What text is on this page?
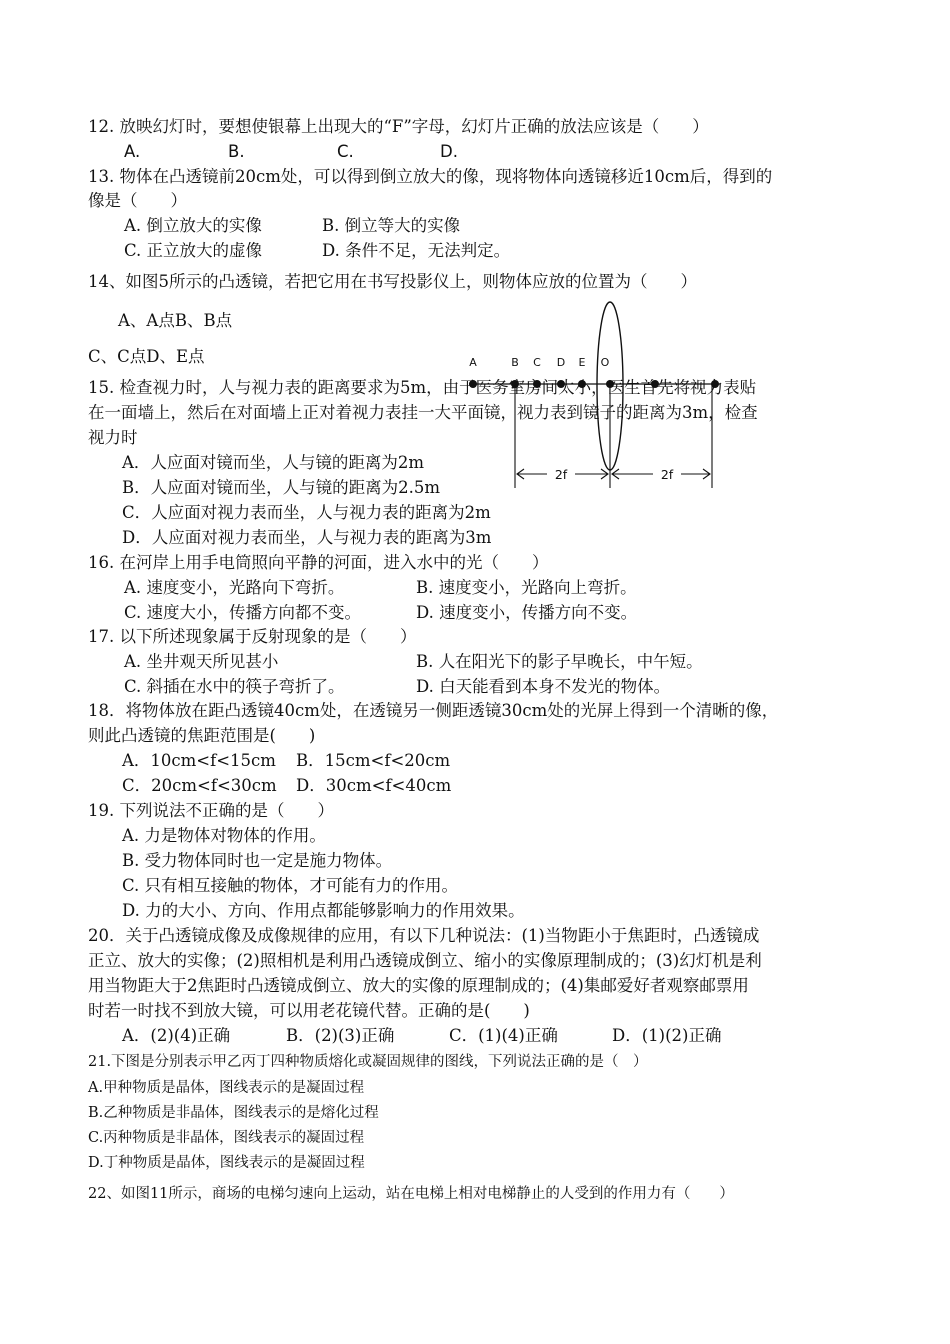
12. 放映幻灯时，要想使银幕上出现大的“F”字母，幻灯片正确的放法应该是（　　）
A.	B.	C.	D.
13. 物体在凸透镜前20cm处，可以得到倒立放大的像，现将物体向透镜移近10cm后，得到的
像是（　　）
A. 倒立放大的实像	B. 倒立等大的实像
C. 正立放大的虚像	D. 条件不足，无法判定。
14、如图5所示的凸透镜，若把它用在书写投影仪上，则物体应放的位置为（　　）
A、A点B、B点
C、C点D、E点	A	B C D E O
2f	2f
15. 检查视力时，人与视力表的距离要求为5m，由于医务室房间太小，医生首先将视力表贴
在一面墙上，然后在对面墙上正对着视力表挂一大平面镜，视力表到镜子的距离为3m，检查
视力时
A．人应面对镜而坐，人与镜的距离为2m
B．人应面对镜而坐，人与镜的距离为2.5m
C．人应面对视力表而坐，人与视力表的距离为2m
D．人应面对视力表而坐，人与视力表的距离为3m
16. 在河岸上用手电筒照向平静的河面，进入水中的光（　　）
A. 速度变小，光路向下弯折。	B. 速度变小，光路向上弯折。
C. 速度大小，传播方向都不变。	D. 速度变小，传播方向不变。
17. 以下所述现象属于反射现象的是（　　）
A. 坐井观天所见甚小	B. 人在阳光下的影子早晚长，中午短。
C. 斜插在水中的筷子弯折了。	D. 白天能看到本身不发光的物体。
18．将物体放在距凸透镜40cm处，在透镜另一侧距透镜30cm处的光屏上得到一个清晰的像，
则此凸透镜的焦距范围是(　　)
A．10cm<f<15cm B．15cm<f<20cm
C．20cm<f<30cm D．30cm<f<40cm
19. 下列说法不正确的是（　　）
A. 力是物体对物体的作用。
B. 受力物体同时也一定是施力物体。
C. 只有相互接触的物体，才可能有力的作用。
D. 力的大小、方向、作用点都能够影响力的作用效果。
20．关于凸透镜成像及成像规律的应用，有以下几种说法：(1)当物距小于焦距时，凸透镜成
正立、放大的实像；(2)照相机是利用凸透镜成倒立、缩小的实像原理制成的；(3)幻灯机是利
用当物距大于2焦距时凸透镜成倒立、放大的实像的原理制成的；(4)集邮爱好者观察邮票用
时若一时找不到放大镜，可以用老花镜代替。正确的是(　　)
A．(2)(4)正确	B．(2)(3)正确	C．(1)(4)正确	D．(1)(2)正确
21.下图是分别表示甲乙丙丁四种物质熔化或凝固规律的图线，下列说法正确的是（　）
A.甲种物质是晶体，图线表示的是凝固过程
B.乙种物质是非晶体，图线表示的是熔化过程
C.丙种物质是非晶体，图线表示的凝固过程
D.丁种物质是晶体，图线表示的是凝固过程
22、如图11所示，商场的电梯匀速向上运动，站在电梯上相对电梯静止的人受到的作用力有（　　）
